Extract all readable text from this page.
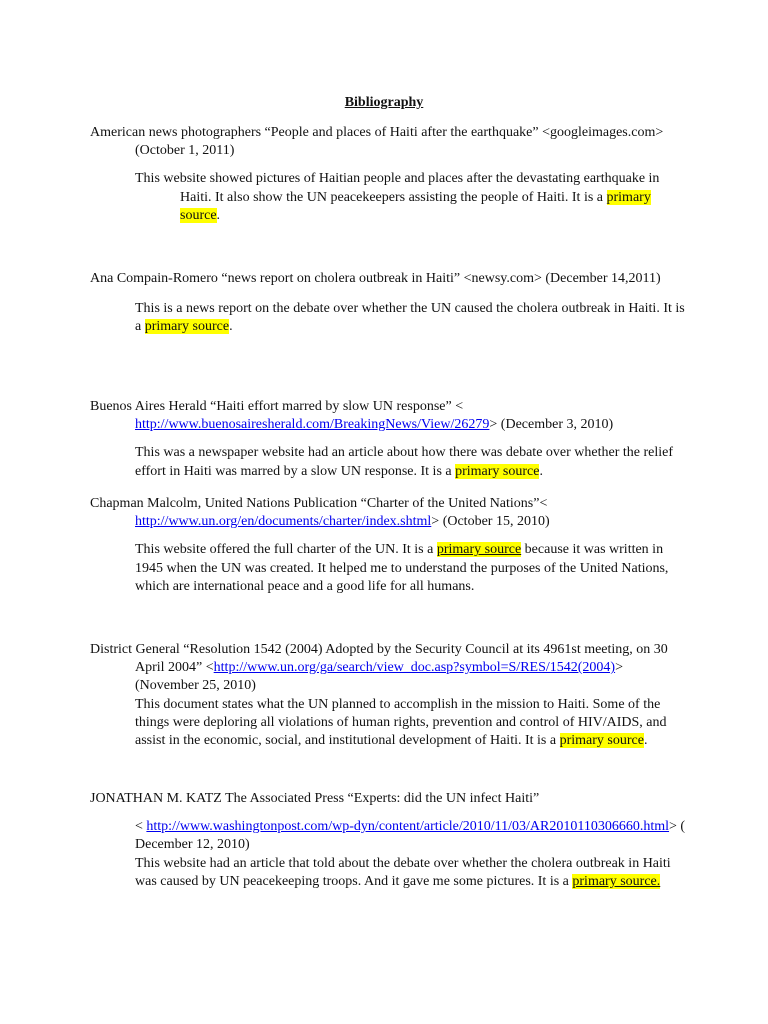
Bibliography

American news photographers “People and places of Haiti after the earthquake” <googleimages.com> (October 1, 2011)

This website showed pictures of Haitian people and places after the devastating earthquake in Haiti. It also show the UN peacekeepers assisting the people of Haiti. It is a primary source.

Ana Compain-Romero “news report on cholera outbreak in Haiti” <newsy.com> (December 14,2011)

This is a news report on the debate over whether the UN caused the cholera outbreak in Haiti. It is a primary source.

Buenos Aires Herald “Haiti effort marred by slow UN response” < http://www.buenosairesherald.com/BreakingNews/View/26279> (December 3, 2010)

This was a newspaper website had an article about how there was debate over whether the relief effort in Haiti was marred by a slow UN response. It is a primary source.

Chapman Malcolm, United Nations Publication “Charter of the United Nations”< http://www.un.org/en/documents/charter/index.shtml> (October 15, 2010)

This website offered the full charter of the UN. It is a primary source because it was written in 1945 when the UN was created. It helped me to understand the purposes of the United Nations, which are international peace and a good life for all humans.

District General “Resolution 1542 (2004) Adopted by the Security Council at its 4961st meeting, on 30 April 2004” <http://www.un.org/ga/search/view_doc.asp?symbol=S/RES/1542(2004)> (November 25, 2010)

This document states what the UN planned to accomplish in the mission to Haiti. Some of the things were deploring all violations of human rights, prevention and control of HIV/AIDS, and assist in the economic, social, and institutional development of Haiti. It is a primary source.

JONATHAN M. KATZ The Associated Press “Experts: did the UN infect Haiti”

< http://www.washingtonpost.com/wp-dyn/content/article/2010/11/03/AR2010110306660.html> ( December 12, 2010)

This website had an article that told about the debate over whether the cholera outbreak in Haiti was caused by UN peacekeeping troops. And it gave me some pictures. It is a primary source.
